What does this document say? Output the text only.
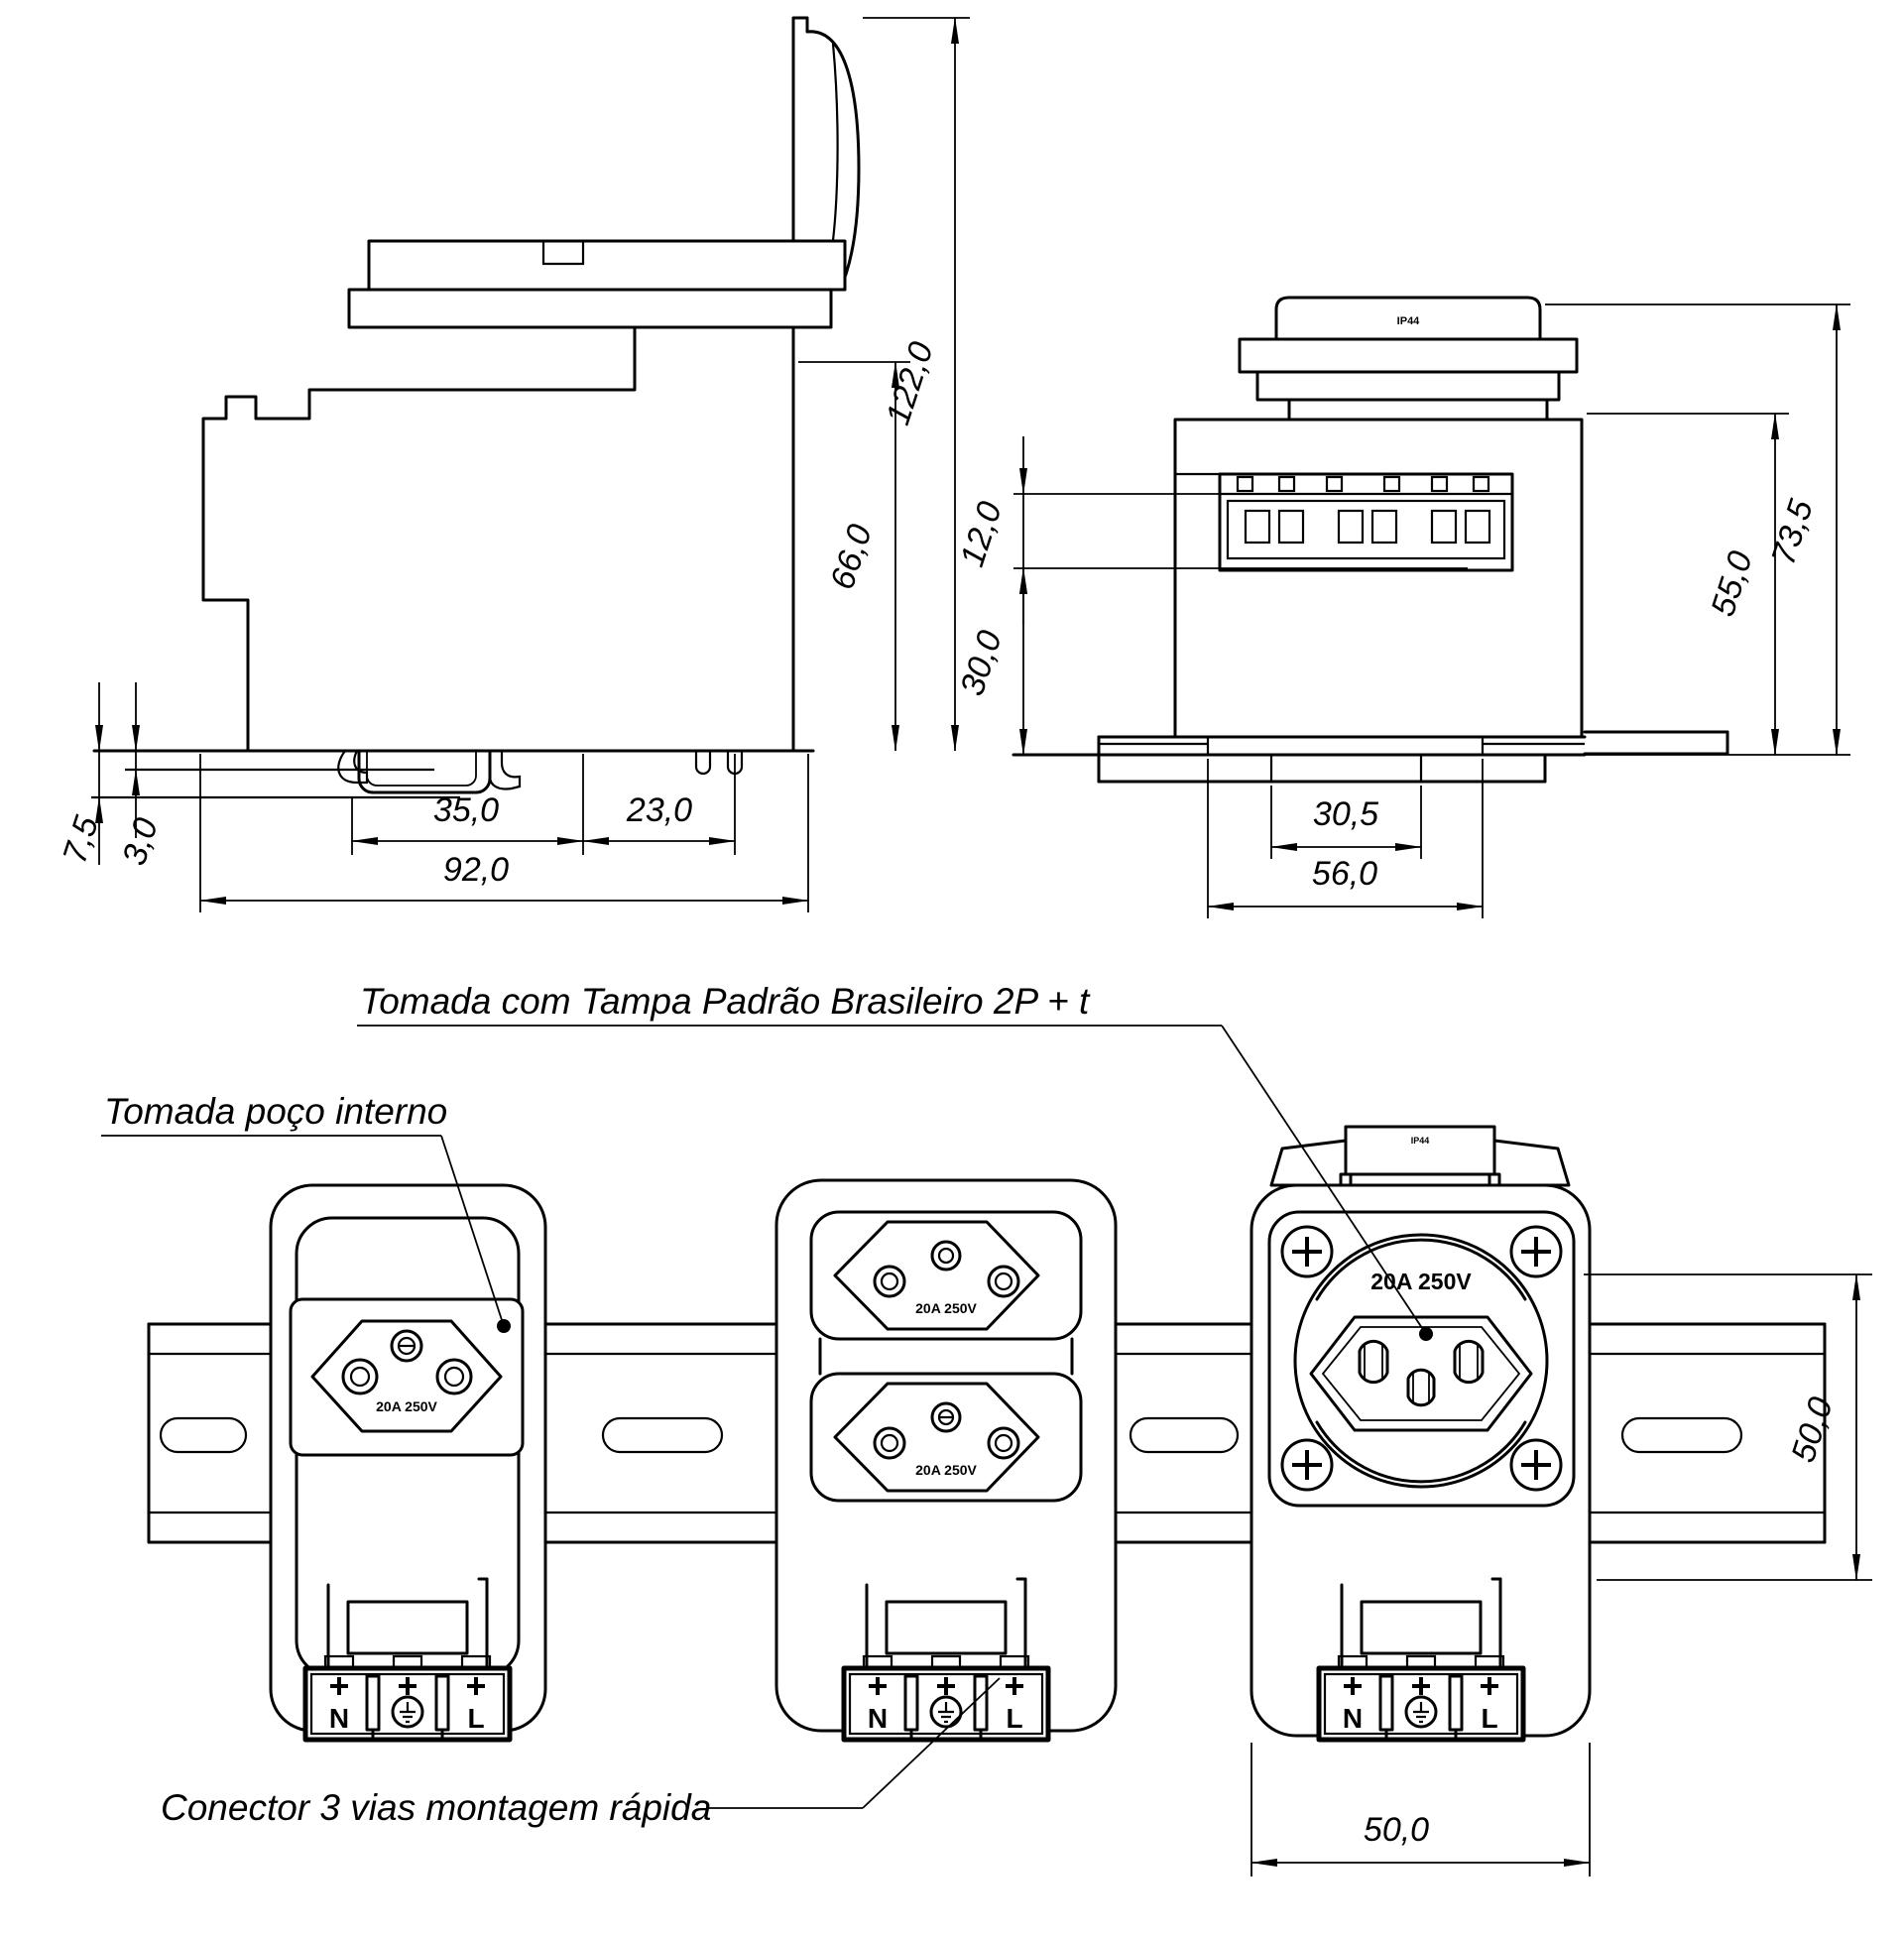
122,0
66,0
7,5 3,0
35,0	23,0
92,0
IP44
12,0
30,0
55,0
73,5
30,5
56,0
20A 250V
N	L
20A 250V
20A 250V
N	L
IP44
20A 250V
N	L
Tomada com Tampa Padrão Brasileiro 2P + t
Tomada poço interno
Conector 3 vias montagem rápida
50,0
50,0
